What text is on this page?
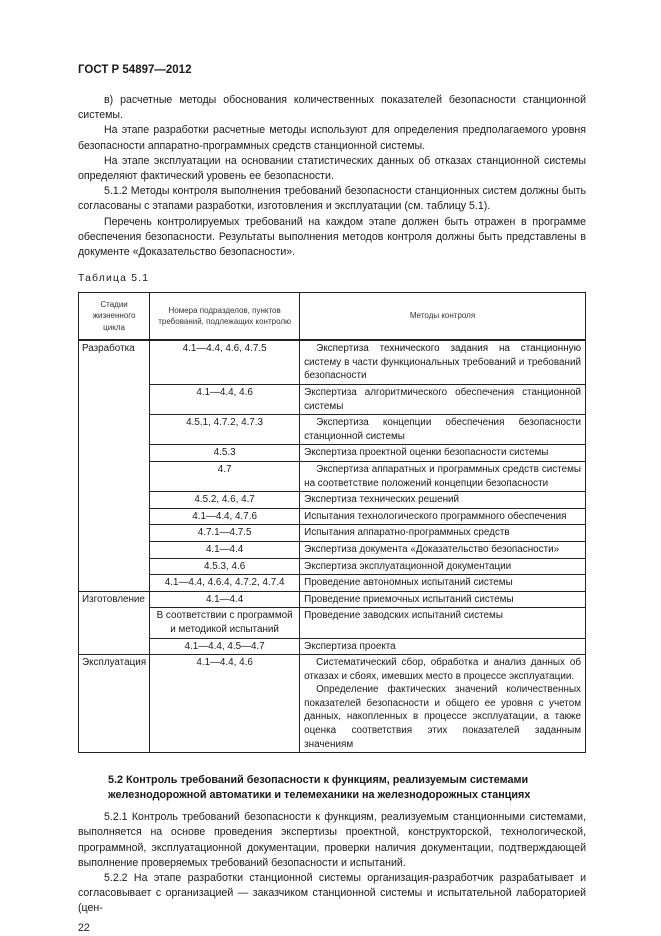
ГОСТ Р 54897—2012

в) расчетные методы обоснования количественных показателей безопасности станционной системы.

На этапе разработки расчетные методы используют для определения предполагаемого уровня безопасности аппаратно-программных средств станционной системы.

На этапе эксплуатации на основании статистических данных об отказах станционной системы определяют фактический уровень ее безопасности.

5.1.2 Методы контроля выполнения требований безопасности станционных систем должны быть согласованы с этапами разработки, изготовления и эксплуатации (см. таблицу 5.1).

Перечень контролируемых требований на каждом этапе должен быть отражен в программе обеспечения безопасности. Результаты выполнения методов контроля должны быть представлены в документе «Доказательство безопасности».

Таблица 5.1
Стадии жизненного цикла	Номера подразделов, пунктов требований, подлежащих контролю	Методы контроля
Разработка	4.1—4.4, 4.6, 4.7.5	Экспертиза технического задания на станционную систему в части функциональных требований и требований безопасности

	4.1—4.4, 4.6	Экспертиза алгоритмического обеспечения станционной системы

	4.5.1, 4.7.2, 4.7.3	Экспертиза концепции обеспечения безопасности станционной системы

	4.5.3	Экспертиза проектной оценки безопасности системы

	4.7	Экспертиза аппаратных и программных средств системы на соответствие положений концепции безопасности

	4.5.2, 4.6, 4.7	Экспертиза технических решений

	4.1—4.4, 4.7.6	Испытания технологического программного обеспечения

	4.7.1—4.7.5	Испытания аппаратно-программных средств

	4.1—4.4	Экспертиза документа «Доказательство безопасности»

	4.5.3, 4.6	Экспертиза эксплуатационной документации

	4.1—4.4, 4.6.4, 4.7.2, 4.7.4	Проведение автономных испытаний системы

Изготовление	4.1—4.4	Проведение приемочных испытаний системы

	В соответствии с программой и методикой испытаний	Проведение заводских испытаний системы

	4.1—4.4, 4.5—4.7	Экспертиза проекта

Эксплуатация	4.1—4.4, 4.6	Систематический сбор, обработка и анализ данных об отказах и сбоях, имевших место в процессе эксплуатации.
Определение фактических значений количественных показателей безопасности и общего ее уровня с учетом данных, накопленных в процессе эксплуатации, а также оценка соответствия этих показателей заданным значениям
5.2 Контроль требований безопасности к функциям, реализуемым системами железнодорожной автоматики и телемеханики на железнодорожных станциях

5.2.1 Контроль требований безопасности к функциям, реализуемым станционными системами, выполняется на основе проведения экспертизы проектной, конструкторской, технологической, программной, эксплуатационной документации, проверки наличия документации, подтверждающей выполнение проверяемых требований безопасности и испытаний.

5.2.2 На этапе разработки станционной системы организация-разработчик разрабатывает и согласовывает с организацией — заказчиком станционной системы и испытательной лабораторией (цен-

22
